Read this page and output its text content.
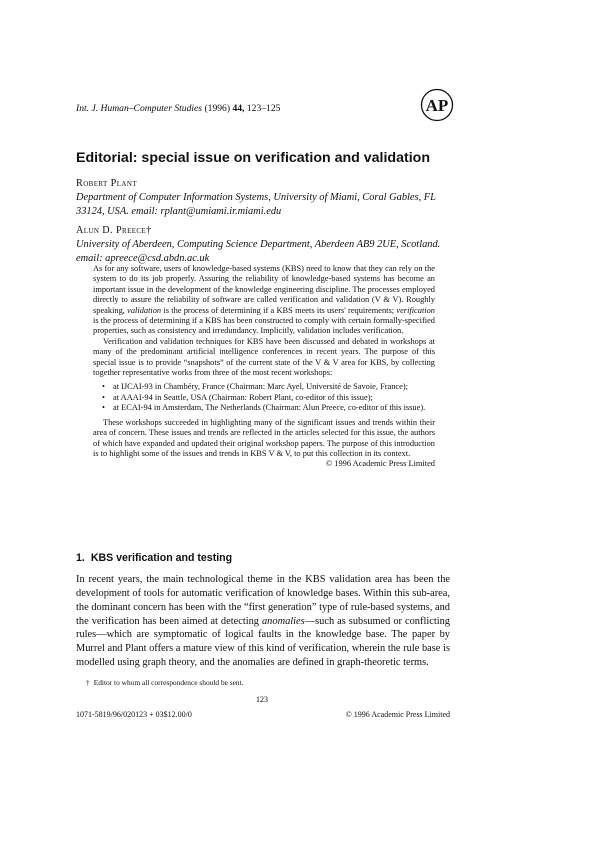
Int. J. Human–Computer Studies (1996) 44, 123–125	AP
Editorial: special issue on verification and validation
Robert Plant
Department of Computer Information Systems, University of Miami, Coral Gables, FL 33124, USA. email: rplant@umiami.ir.miami.edu
Alun D. Preece†
University of Aberdeen, Computing Science Department, Aberdeen AB9 2UE, Scotland. email: apreece@csd.abdn.ac.uk

As for any software, users of knowledge-based systems (KBS) need to know that they can rely on the system to do its job properly. Assuring the reliability of knowledge-based systems has become an important issue in the development of the knowledge engineering discipline. The processes employed directly to assure the reliability of software are called verification and validation (V & V). Roughly speaking, validation is the process of determining if a KBS meets its users' requirements; verification is the process of determining if a KBS has been constructed to comply with certain formally-specified properties, such as consistency and irredundancy. Implicitly, validation includes verification.

Verification and validation techniques for KBS have been discussed and debated in workshops at many of the predominant artificial intelligence conferences in recent years. The purpose of this special issue is to provide “snapshots” of the current state of the V & V area for KBS, by collecting together representative works from three of the most recent workshops:

• at IJCAI-93 in Chambéry, France (Chairman: Marc Ayel, Université de Savoie, France);
• at AAAI-94 in Seattle, USA (Chairman: Robert Plant, co-editor of this issue);
• at ECAI-94 in Amsterdam, The Netherlands (Chairman: Alun Preece, co-editor of this issue).

These workshops succeeded in highlighting many of the significant issues and trends within their area of concern. These issues and trends are reflected in the articles selected for this issue, the authors of which have expanded and updated their original workshop papers. The purpose of this introduction is to highlight some of the issues and trends in KBS V & V, to put this collection in its context.

© 1996 Academic Press Limited

1. KBS verification and testing

In recent years, the main technological theme in the KBS validation area has been the development of tools for automatic verification of knowledge bases. Within this sub-area, the dominant concern has been with the “first generation” type of rule-based systems, and the verification has been aimed at detecting anomalies—such as subsumed or conflicting rules—which are symptomatic of logical faults in the knowledge base. The paper by Murrel and Plant offers a mature view of this kind of verification, wherein the rule base is modelled using graph theory, and the anomalies are defined in graph-theoretic terms.

† Editor to whom all correspondence should be sent.
123
1071-5819/96/020123 + 03$12.00/0	© 1996 Academic Press Limited
